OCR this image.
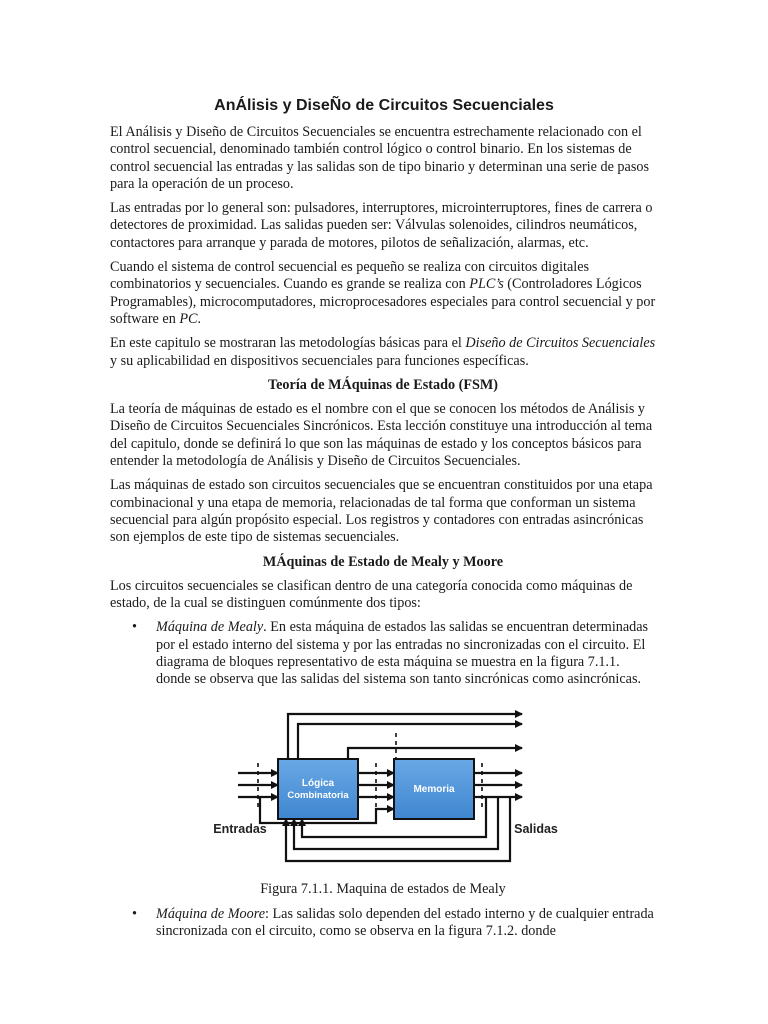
AnÁlisis y DiseÑo de Circuitos Secuenciales

El Análisis y Diseño de Circuitos Secuenciales se encuentra estrechamente relacionado con el control secuencial, denominado también control lógico o control binario. En los sistemas de control secuencial las entradas y las salidas son de tipo binario y determinan una serie de pasos para la operación de un proceso.

Las entradas por lo general son: pulsadores, interruptores, microinterruptores, fines de carrera o detectores de proximidad. Las salidas pueden ser: Válvulas solenoides, cilindros neumáticos, contactores para arranque y parada de motores, pilotos de señalización, alarmas, etc.

Cuando el sistema de control secuencial es pequeño se realiza con circuitos digitales combinatorios y secuenciales. Cuando es grande se realiza con PLC’s (Controladores Lógicos Programables), microcomputadores, microprocesadores especiales para control secuencial y por software en PC.

En este capitulo se mostraran las metodologías básicas para el Diseño de Circuitos Secuenciales y su aplicabilidad en dispositivos secuenciales para funciones específicas.

Teoría de MÁquinas de Estado (FSM)

La teoría de máquinas de estado es el nombre con el que se conocen los métodos de Análisis y Diseño de Circuitos Secuenciales Sincrónicos. Esta lección constituye una introducción al tema del capitulo, donde se definirá lo que son las máquinas de estado y los conceptos básicos para entender la metodología de Análisis y Diseño de Circuitos Secuenciales.

Las máquinas de estado son circuitos secuenciales que se encuentran constituidos por una etapa combinacional y una etapa de memoria, relacionadas de tal forma que conforman un sistema secuencial para algún propósito especial. Los registros y contadores con entradas asincrónicas son ejemplos de este tipo de sistemas secuenciales.

MÁquinas de Estado de Mealy y Moore

Los circuitos secuenciales se clasifican dentro de una categoría conocida como máquinas de estado, de la cual se distinguen comúnmente dos tipos:

• Máquina de Mealy. En esta máquina de estados las salidas se encuentran determinadas por el estado interno del sistema y por las entradas no sincronizadas con el circuito. El diagrama de bloques representativo de esta máquina se muestra en la figura 7.1.1. donde se observa que las salidas del sistema son tanto sincrónicas como asincrónicas.
Lógica
Combinatoria
Memoria
Entradas	Salidas
Figura 7.1.1. Maquina de estados de Mealy
• Máquina de Moore: Las salidas solo dependen del estado interno y de cualquier entrada sincronizada con el circuito, como se observa en la figura 7.1.2. donde
